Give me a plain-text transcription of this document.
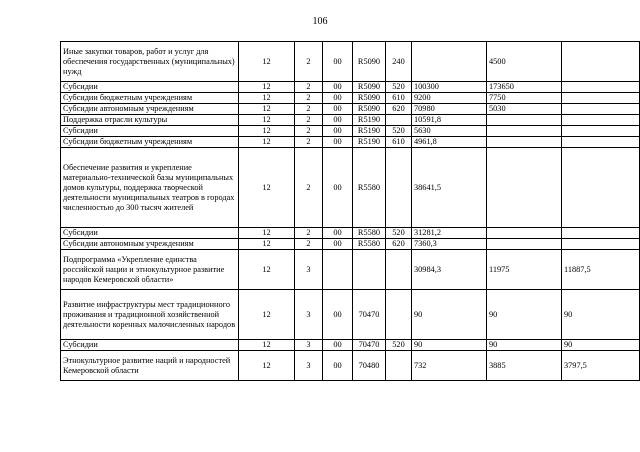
106
Иные закупки товаров, работ и услуг для обеспечения государственных (муниципальных) нужд	12	2	00	R5090	240		4500	
Субсидии	12	2	00	R5090	520	100300	173650	
Субсидии бюджетным учреждениям	12	2	00	R5090	610	9200	7750	
Субсидии автономным учреждениям	12	2	00	R5090	620	70980	5030	
Поддержка отрасли культуры	12	2	00	R5190		10591,8		
Субсидии	12	2	00	R5190	520	5630		
Субсидии бюджетным учреждениям	12	2	00	R5190	610	4961,8		
Обеспечение развития и укрепление материально-технической базы муниципальных домов культуры, поддержка творческой деятельности муниципальных театров в городах численностью до 300 тысяч жителей	12	2	00	R5580		38641,5		
Субсидии	12	2	00	R5580	520	31281,2		
Субсидии автономным учреждениям	12	2	00	R5580	620	7360,3		
Подпрограмма «Укрепление единства российской нации и этнокультурное развитие народов Кемеровской области»	12	3				30984,3	11975	11887,5
Развитие инфраструктуры мест традиционного проживания и традиционной хозяйственной деятельности коренных малочисленных народов	12	3	00	70470		90	90	90
Субсидии	12	3	00	70470	520	90	90	90
Этнокультурное развитие наций и народностей Кемеровской области	12	3	00	70480		732	3885	3797,5
